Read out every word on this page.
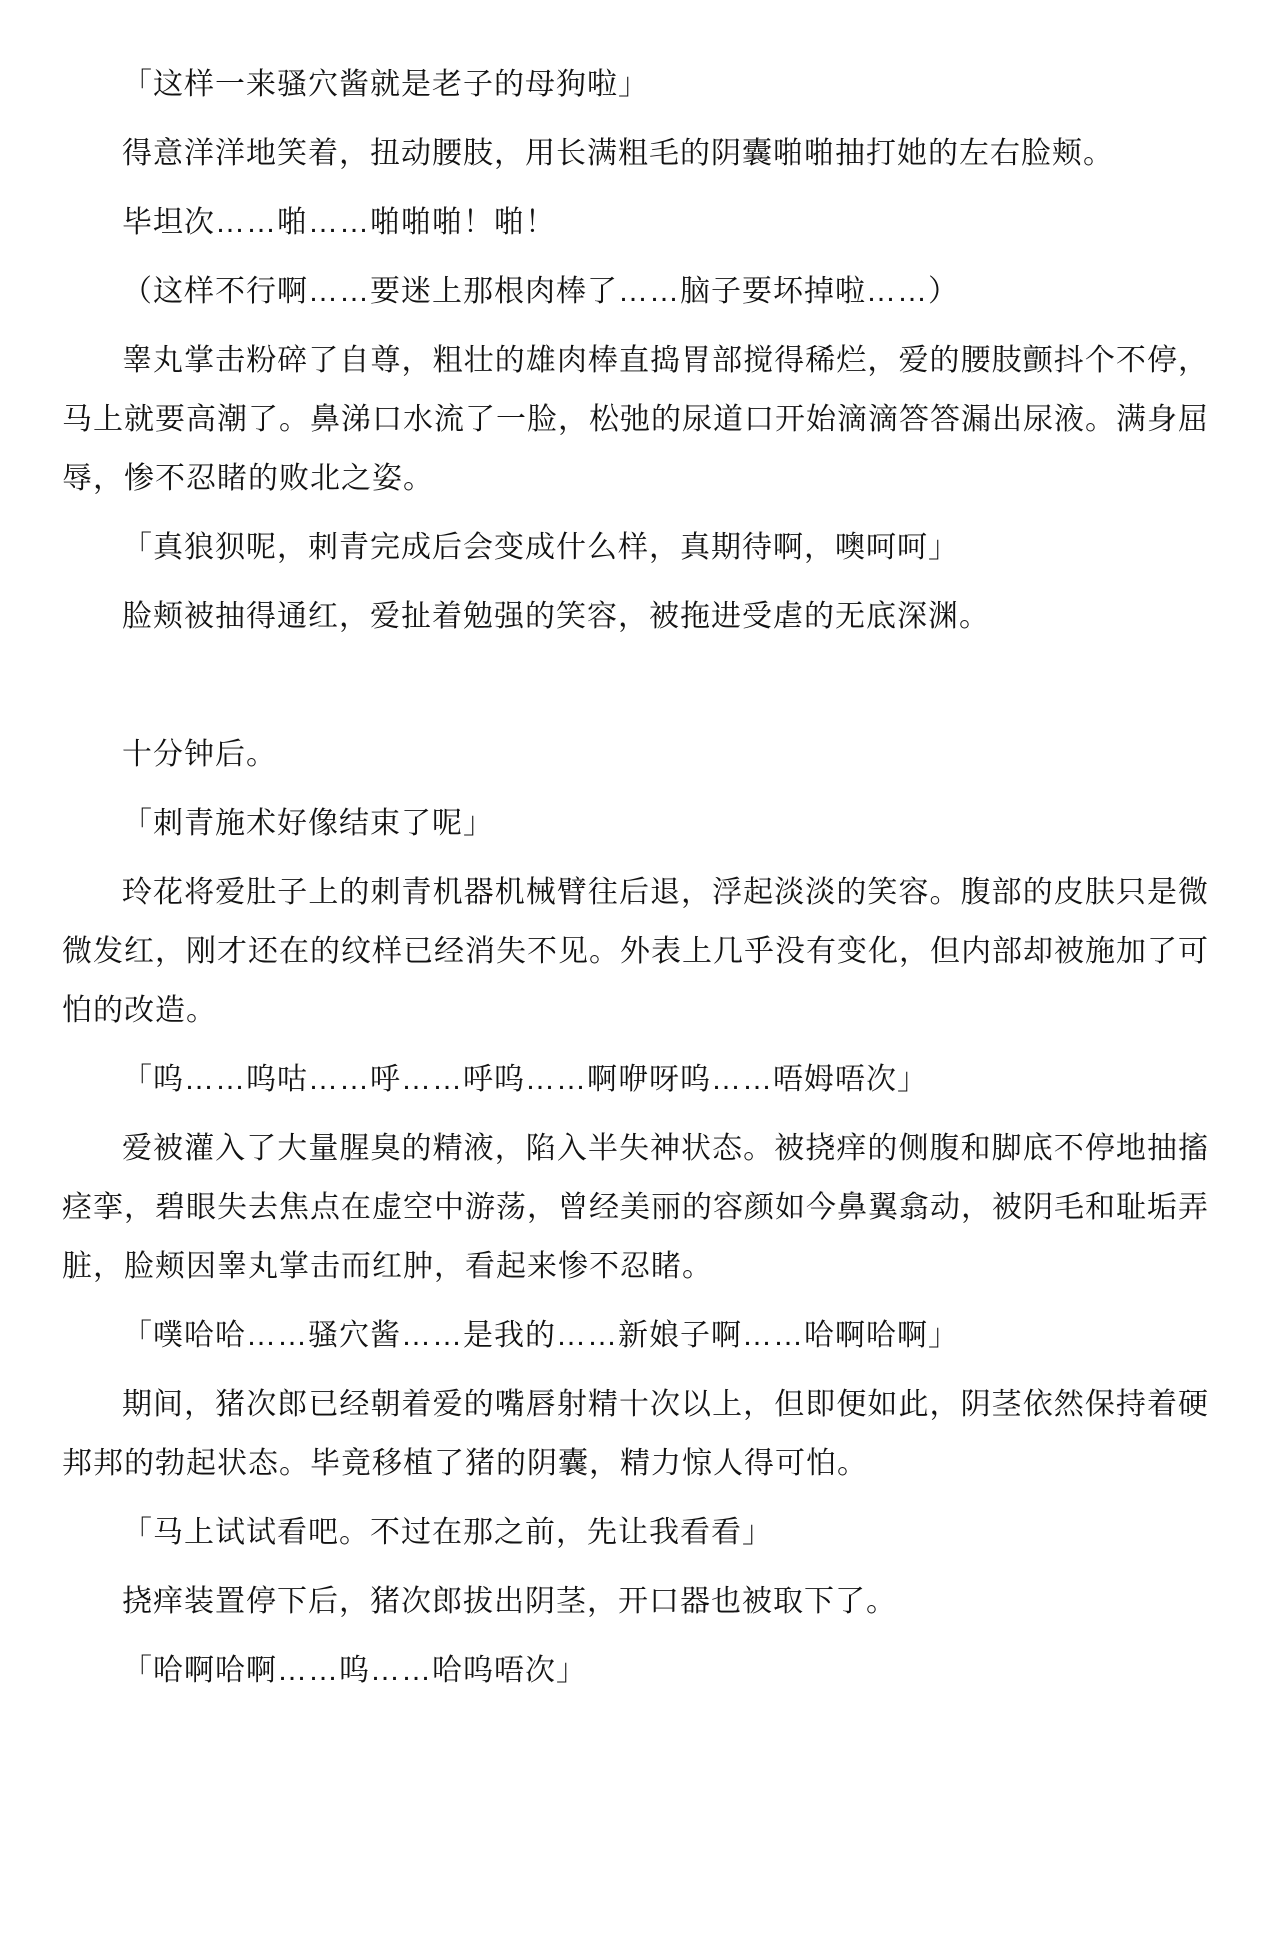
「这样一来骚穴酱就是老子的母狗啦」

得意洋洋地笑着，扭动腰肢，用长满粗毛的阴囊啪啪抽打她的左右脸颊。

毕坦次……啪……啪啪啪！啪！

（这样不行啊……要迷上那根肉棒了……脑子要坏掉啦……）

睾丸掌击粉碎了自尊，粗壮的雄肉棒直捣胃部搅得稀烂，爱的腰肢颤抖个不停，马上就要高潮了。鼻涕口水流了一脸，松弛的尿道口开始滴滴答答漏出尿液。满身屈辱，惨不忍睹的败北之姿。

「真狼狈呢，刺青完成后会变成什么样，真期待啊，噢呵呵」

脸颊被抽得通红，爱扯着勉强的笑容，被拖进受虐的无底深渊。

十分钟后。

「刺青施术好像结束了呢」

玲花将爱肚子上的刺青机器机械臂往后退，浮起淡淡的笑容。腹部的皮肤只是微微发红，刚才还在的纹样已经消失不见。外表上几乎没有变化，但内部却被施加了可怕的改造。

「呜……呜咕……呼……呼呜……啊咿呀呜……唔姆唔次」

爱被灌入了大量腥臭的精液，陷入半失神状态。被挠痒的侧腹和脚底不停地抽搐痉挛，碧眼失去焦点在虚空中游荡，曾经美丽的容颜如今鼻翼翕动，被阴毛和耻垢弄脏，脸颊因睾丸掌击而红肿，看起来惨不忍睹。

「噗哈哈……骚穴酱……是我的……新娘子啊……哈啊哈啊」

期间，猪次郎已经朝着爱的嘴唇射精十次以上，但即便如此，阴茎依然保持着硬邦邦的勃起状态。毕竟移植了猪的阴囊，精力惊人得可怕。

「马上试试看吧。不过在那之前，先让我看看」

挠痒装置停下后，猪次郎拔出阴茎，开口器也被取下了。

「哈啊哈啊……呜……哈呜唔次」
